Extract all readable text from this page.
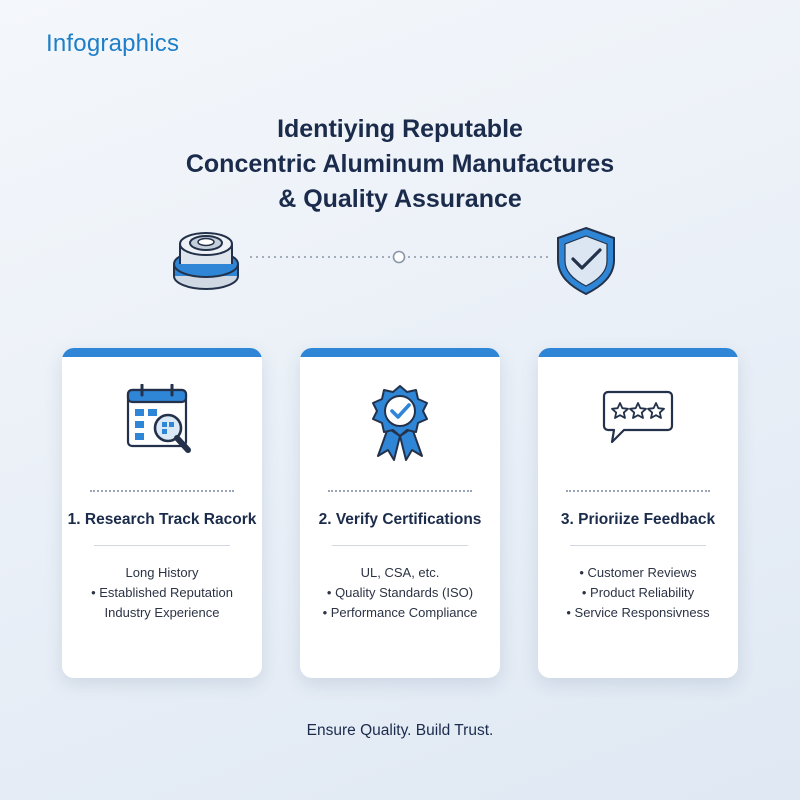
Infographics
Identiying Reputable
Concentric Aluminum Manufactures
& Quality Assurance
1. Research Track Racork
Long History
• Established Reputation
Industry Experience
2. Verify Certifications
UL, CSA, etc.
• Quality Standards (ISO)
• Performance Compliance
3. Prioriize Feedback
• Customer Reviews
• Product Reliability
• Service Responsivness
Ensure Quality. Build Trust.
